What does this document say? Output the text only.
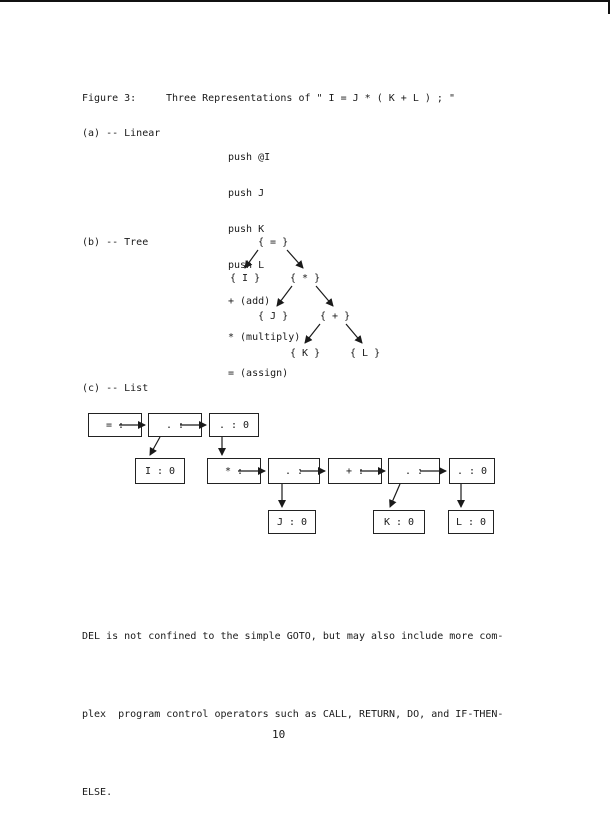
Figure 3:	Three Representations of " I = J * ( K + L ) ; "
(a) -- Linear

push @I

push J

push K

push L

+ (add)

* (multiply)

= (assign)

(b) -- Tree	{ = }
{ I }	{ * }
{ J }	{ + }
{ K }	{ L }
(c) -- List
= :	. :	. : 0
I : 0	* :	. :	+ :	. :	. : 0
J : 0	K : 0	L : 0

DEL is not confined to the simple GOTO, but may also include more com-

plex  program control operators such as CALL, RETURN, DO, and IF-THEN-

ELSE.

10
